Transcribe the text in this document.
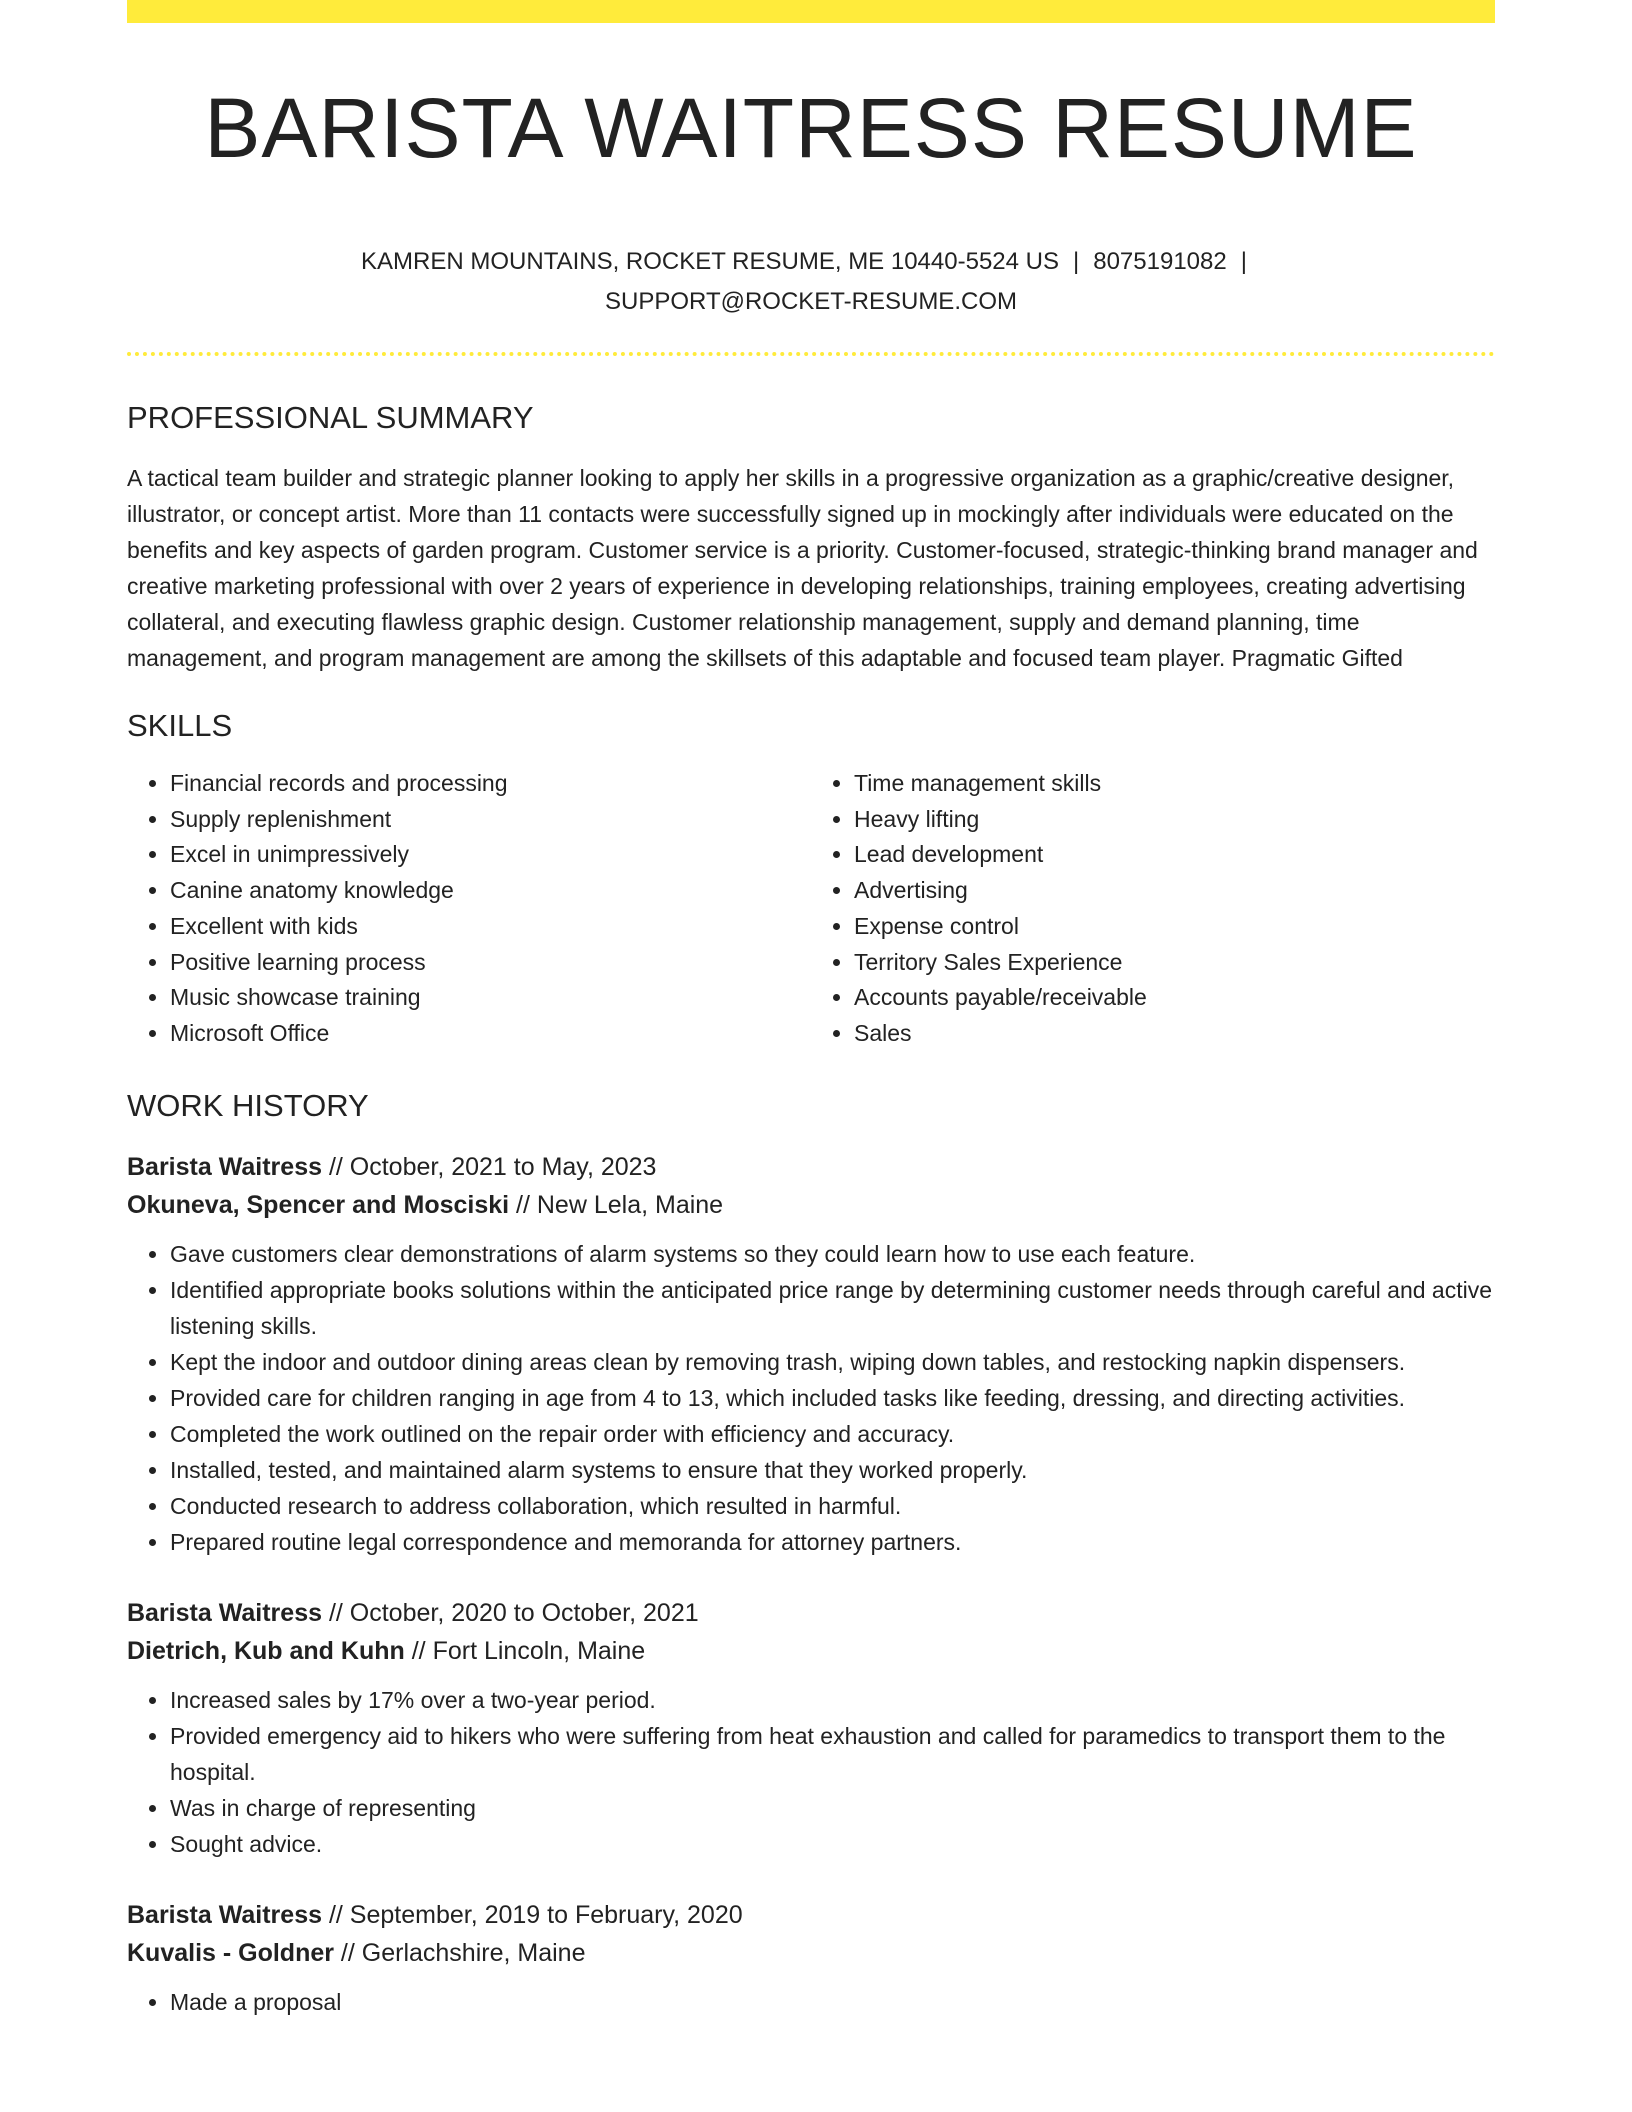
BARISTA WAITRESS RESUME
KAMREN MOUNTAINS, ROCKET RESUME, ME 10440-5524 US | 8075191082 |
SUPPORT@ROCKET-RESUME.COM
PROFESSIONAL SUMMARY

A tactical team builder and strategic planner looking to apply her skills in a progressive organization as a graphic/creative designer, illustrator, or concept artist. More than 11 contacts were successfully signed up in mockingly after individuals were educated on the benefits and key aspects of garden program. Customer service is a priority. Customer-focused, strategic-thinking brand manager and creative marketing professional with over 2 years of experience in developing relationships, training employees, creating advertising collateral, and executing flawless graphic design. Customer relationship management, supply and demand planning, time management, and program management are among the skillsets of this adaptable and focused team player. Pragmatic Gifted

SKILLS
• Financial records and processing
• Supply replenishment
• Excel in unimpressively
• Canine anatomy knowledge
• Excellent with kids
• Positive learning process
• Music showcase training
• Microsoft Office
• Time management skills
• Heavy lifting
• Lead development
• Advertising
• Expense control
• Territory Sales Experience
• Accounts payable/receivable
• Sales
WORK HISTORY
Barista Waitress // October, 2021 to May, 2023
Okuneva, Spencer and Mosciski // New Lela, Maine
• Gave customers clear demonstrations of alarm systems so they could learn how to use each feature.
• Identified appropriate books solutions within the anticipated price range by determining customer needs through careful and active listening skills.
• Kept the indoor and outdoor dining areas clean by removing trash, wiping down tables, and restocking napkin dispensers.
• Provided care for children ranging in age from 4 to 13, which included tasks like feeding, dressing, and directing activities.
• Completed the work outlined on the repair order with efficiency and accuracy.
• Installed, tested, and maintained alarm systems to ensure that they worked properly.
• Conducted research to address collaboration, which resulted in harmful.
• Prepared routine legal correspondence and memoranda for attorney partners.
Barista Waitress // October, 2020 to October, 2021
Dietrich, Kub and Kuhn // Fort Lincoln, Maine
• Increased sales by 17% over a two-year period.
• Provided emergency aid to hikers who were suffering from heat exhaustion and called for paramedics to transport them to the hospital.
• Was in charge of representing
• Sought advice.
Barista Waitress // September, 2019 to February, 2020
Kuvalis - Goldner // Gerlachshire, Maine
• Made a proposal
